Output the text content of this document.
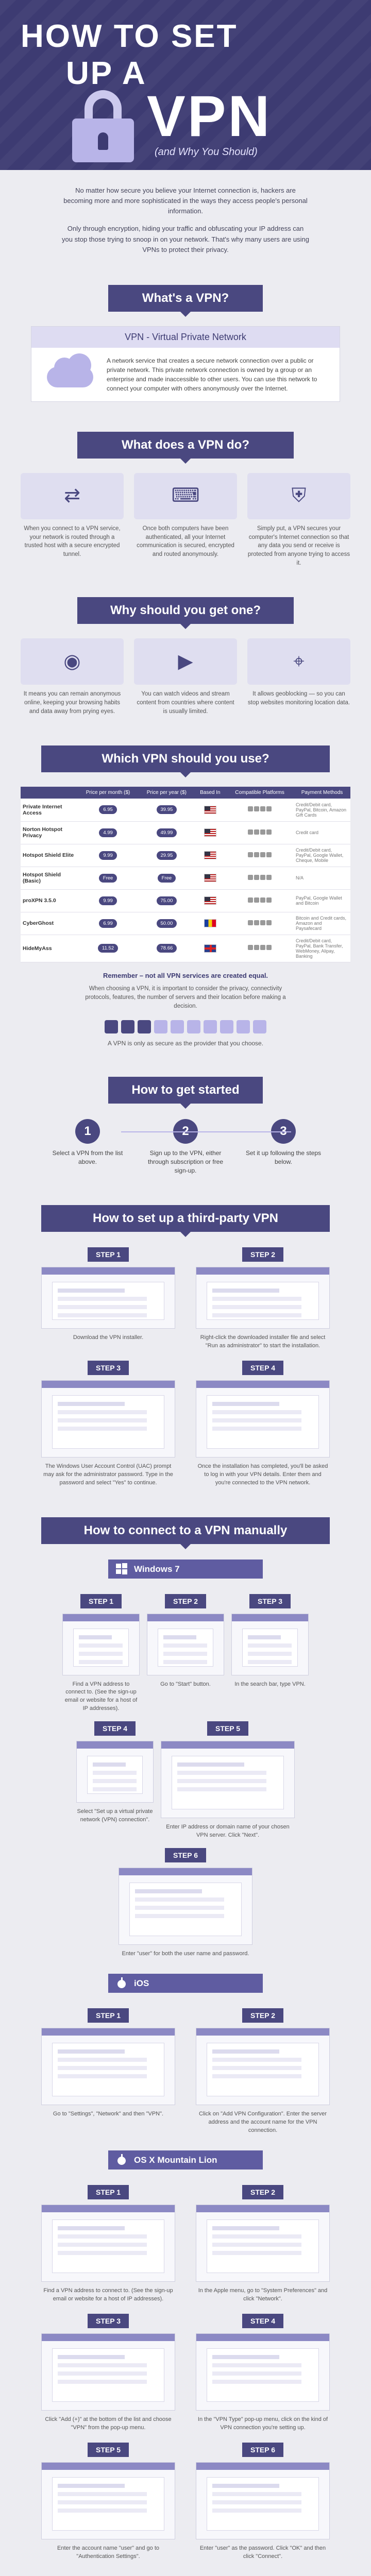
HOW TO SET
UP A
VPN
(and Why You Should)

No matter how secure you believe your Internet connection is, hackers are becoming more and more sophisticated in the ways they access people's personal information.

Only through encryption, hiding your traffic and obfuscating your IP address can you stop those trying to snoop in on your network. That's why many users are using VPNs to protect their privacy.

What's a VPN?
VPN - Virtual Private Network
A network service that creates a secure network connection over a public or private network. This private network connection is owned by a group or an enterprise and made inaccessible to other users. You can use this network to connect your computer with others anonymously over the Internet.
What does a VPN do?
⇄
When you connect to a VPN service, your network is routed through a trusted host with a secure encrypted tunnel.
⌨
Once both computers have been authenticated, all your Internet communication is secured, encrypted and routed anonymously.
⛨
Simply put, a VPN secures your computer's Internet connection so that any data you send or receive is protected from anyone trying to access it.
Why should you get one?
◉
It means you can remain anonymous online, keeping your browsing habits and data away from prying eyes.
▶
You can watch videos and stream content from countries where content is usually limited.
⌖
It allows geoblocking — so you can stop websites monitoring location data.
Which VPN should you use?
	Price per month ($)	Price per year ($)	Based In	Compatible Platforms	Payment Methods
Private Internet Access	6.95	39.95			Credit/Debit card, PayPal, Bitcoin, Amazon Gift Cards
Norton Hotspot Privacy	4.99	49.99			Credit card
Hotspot Shield Elite	9.99	29.95			Credit/Debit card, PayPal, Google Wallet, Cheque, Mobile
Hotspot Shield (Basic)	Free	Free			N/A
proXPN 3.5.0	9.99	75.00			PayPal, Google Wallet and Bitcoin
CyberGhost	6.99	50.00			Bitcoin and Credit cards, Amazon and Paysafecard
HideMyAss	11.52	78.66			Credit/Debit card, PayPal, Bank Transfer, WebMoney, Alipay, Banking
Remember – not all VPN services are created equal.
When choosing a VPN, it is important to consider the privacy, connectivity protocols, features, the number of servers and their location before making a decision.
A VPN is only as secure as the provider that you choose.
How to get started
1
Select a VPN from the list above.
Sign up to the VPN, either through subscription or free sign-up.
Set it up following the steps below.
How to set up a third-party VPN
STEP 1
Download the VPN installer.
STEP 2
Right-click the downloaded installer file and select "Run as administrator" to start the installation.
STEP 3
The Windows User Account Control (UAC) prompt may ask for the administrator password. Type in the password and select "Yes" to continue.
STEP 4
Once the installation has completed, you'll be asked to log in with your VPN details. Enter them and you're connected to the VPN network.
How to connect to a VPN manually
Windows 7
STEP 1
Find a VPN address to connect to. (See the sign-up email or website for a host of IP addresses).
STEP 2
Go to "Start" button.
STEP 3
In the search bar, type VPN.
STEP 4
Select "Set up a virtual private network (VPN) connection".
STEP 5
Enter IP address or domain name of your chosen VPN server. Click "Next".
STEP 6
Enter "user" for both the user name and password.
iOS
STEP 1
Go to "Settings", "Network" and then "VPN".
STEP 2
Click on "Add VPN Configuration". Enter the server address and the account name for the VPN connection.
OS X Mountain Lion
STEP 1
Find a VPN address to connect to. (See the sign-up email or website for a host of IP addresses).
STEP 2
In the Apple menu, go to "System Preferences" and click "Network".
STEP 3
Click "Add (+)" at the bottom of the list and choose "VPN" from the pop-up menu.
STEP 4
In the "VPN Type" pop-up menu, click on the kind of VPN connection you're setting up.
STEP 5
Enter the account name "user" and go to "Authentication Settings".
STEP 6
Enter "user" as the password. Click "OK" and then click "Connect".
